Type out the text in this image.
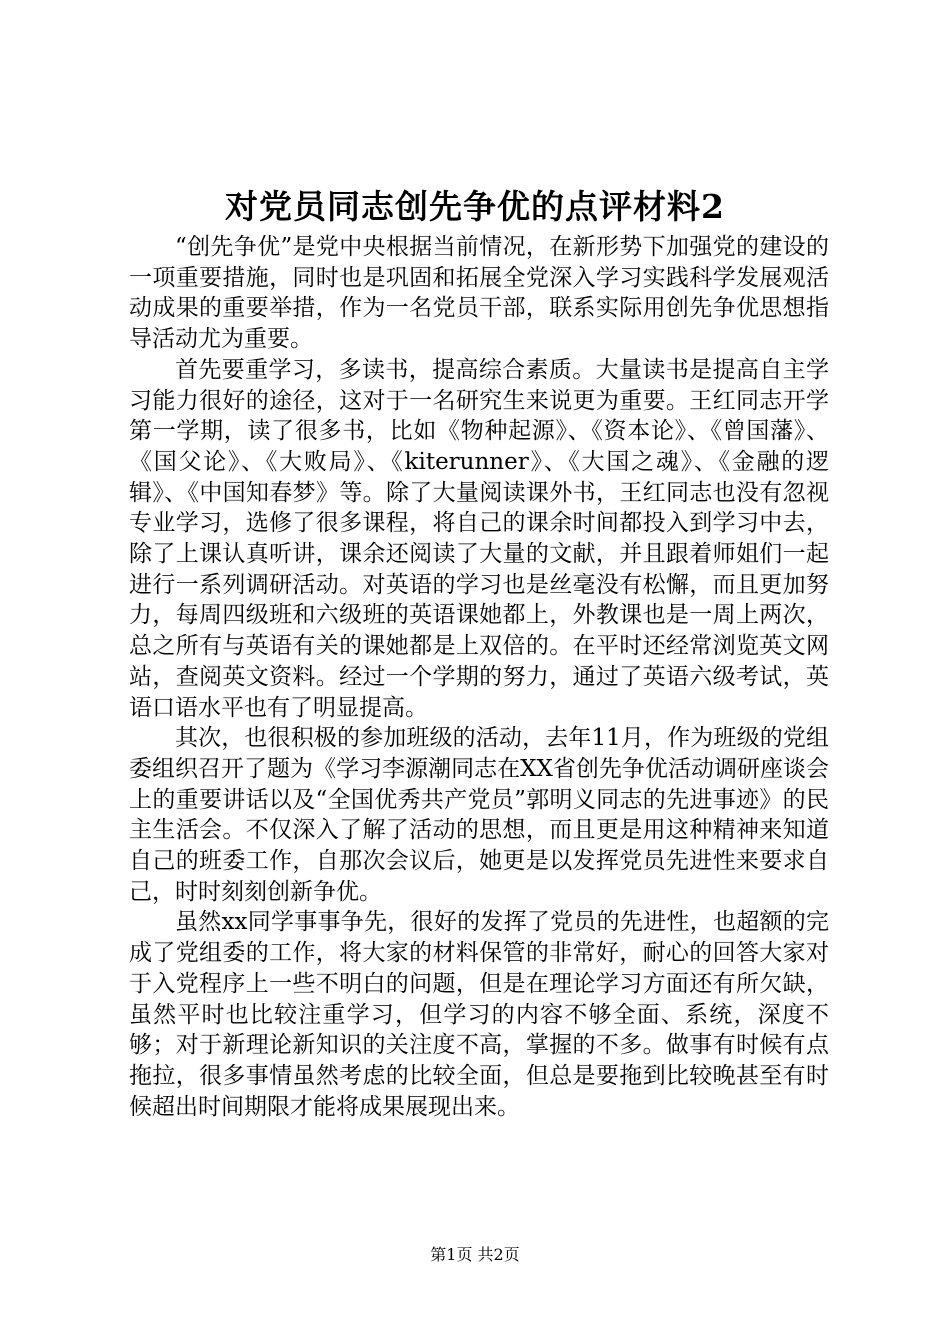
对党员同志创先争优的点评材料2

“创先争优”是党中央根据当前情况，在新形势下加强党的建设的一项重要措施，同时也是巩固和拓展全党深入学习实践科学发展观活动成果的重要举措，作为一名党员干部，联系实际用创先争优思想指导活动尤为重要。

首先要重学习，多读书，提高综合素质。大量读书是提高自主学习能力很好的途径，这对于一名研究生来说更为重要。王红同志开学第一学期，读了很多书，比如《物种起源》、《资本论》、《曾国藩》、《国父论》、《大败局》、《kiterunner》、《大国之魂》、《金融的逻辑》、《中国知春梦》等。除了大量阅读课外书，王红同志也没有忽视专业学习，选修了很多课程，将自己的课余时间都投入到学习中去，除了上课认真听讲，课余还阅读了大量的文献，并且跟着师姐们一起进行一系列调研活动。对英语的学习也是丝毫没有松懈，而且更加努力，每周四级班和六级班的英语课她都上，外教课也是一周上两次，总之所有与英语有关的课她都是上双倍的。在平时还经常浏览英文网站，查阅英文资料。经过一个学期的努力，通过了英语六级考试，英语口语水平也有了明显提高。

其次，也很积极的参加班级的活动，去年11月，作为班级的党组委组织召开了题为《学习李源潮同志在XX省创先争优活动调研座谈会上的重要讲话以及“全国优秀共产党员”郭明义同志的先进事迹》的民主生活会。不仅深入了解了活动的思想，而且更是用这种精神来知道自己的班委工作，自那次会议后，她更是以发挥党员先进性来要求自己，时时刻刻创新争优。

虽然xx同学事事争先，很好的发挥了党员的先进性，也超额的完成了党组委的工作，将大家的材料保管的非常好，耐心的回答大家对于入党程序上一些不明白的问题，但是在理论学习方面还有所欠缺，虽然平时也比较注重学习，但学习的内容不够全面、系统，深度不够；对于新理论新知识的关注度不高，掌握的不多。做事有时候有点拖拉，很多事情虽然考虑的比较全面，但总是要拖到比较晚甚至有时候超出时间期限才能将成果展现出来。

第1页 共2页
